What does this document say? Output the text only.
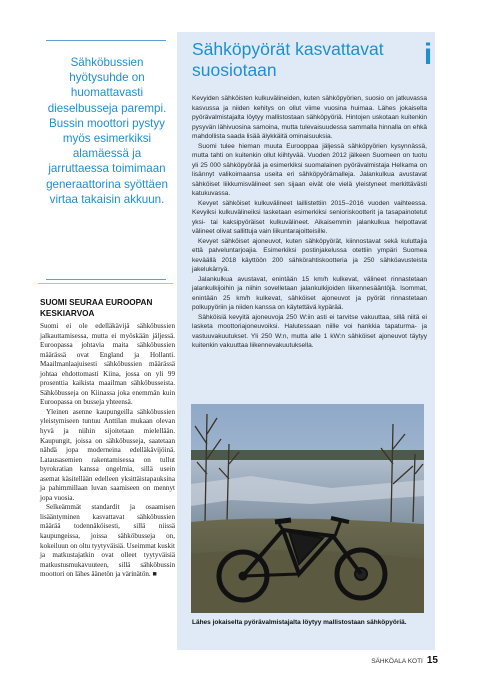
Sähköbussien hyötysuhde on huomattavasti dieselbusseja parempi. Bussin moottori pystyy myös esimerkiksi alamäessä ja jarruttaessa toimimaan generaattorina syöttäen virtaa takaisin akkuun.
SUOMI SEURAA EUROOPAN KESKIARVOA

Suomi ei ole edelläkävijä sähköbussien jalkauttamisessa, mutta ei myöskään jäljessä. Euroopassa johtavia maita sähköbussien määrässä ovat England ja Hollanti. Maailmanlaajuisesti sähköbussien määrässä johtaa ehdottomasti Kiina, jossa on yli 99 prosenttia kaikista maailman sähköbusseista. Sähköbusseja on Kiinassa joka enemmän kuin Euroopassa on busseja yhteensä.

Yleinen asenne kaupungeilla sähköbussien yleistymiseen tuntuu Anttilan mukaan olevan hyvä ja niihin sijoitetaan mielellään. Kaupungit, joissa on sähköbusseja, saatetaan nähdä jopa moderneina edelläkävijöinä. Latausasemien rakentamisessa on tullut byrokratian kanssa ongelmia, sillä usein asemat käsitellään edelleen yksittäistapauksina ja pahimmillaan luvan saamiseen on mennyt jopa vuosia.

Selkeämmät standardit ja osaamisen lisääntyminen kasvattavat sähköbussien määrää todennäköisesti, sillä niissä kaupungeissa, joissa sähköbusseja on, kokeiluun on oltu tyytyväisiä. Useimmat kuskit ja matkustajatkin ovat olleet tyytyväisiä matkustusmukavuuteen, sillä sähköbussin moottori on lähes äänetön ja värinätön. ■

i
Sähköpyörät kasvattavat suosiotaan

Kevyiden sähköisten kulkuvälineiden, kuten sähköpyörien, suosio on jatkuvassa kasvussa ja niiden kehitys on ollut viime vuosina huimaa. Lähes jokaiselta pyörävalmistajalta löytyy mallistostaan sähköpyöriä. Hintojen uskotaan kuitenkin pysyvän lähivuosina samoina, mutta tulevaisuudessa sammalla hinnalla on ehkä mahdollista saada lisää älykkäitä ominaisuuksia.

Suomi tulee hieman muuta Eurooppaa jäljessä sähköpyörien kysynnässä, mutta tahti on kuitenkin ollut kiihtyvää. Vuoden 2012 jälkeen Suomeen on tuotu yli 25 000 sähköpyörää ja esimerkiksi suomalainen pyörävalmistaja Helkama on lisännyt valikoimaansa useita eri sähköpyörämalleja. Jalankulkua avustavat sähköiset liikkumisvälineet sen sijaan eivät ole vielä yleistyneet merkittävästi katukuvassa.

Kevyet sähköiset kulkuvälineet laillistettiin 2015–2016 vuoden vaihteessa. Kevyiksi kulkuvälineiksi lasketaan esimerkiksi senioriskootterit ja tasapainotetut yksi- tai kaksipyöräiset kulkuvälineet. Aikaisemmin jalankulkua helpottavat välineet olivat sallittuja vain liikuntarajoitteisille.

Kevyet sähköiset ajoneuvot, kuten sähköpyörät, kiinnostavat sekä kuluttajia että palveluntarjoajia. Esimerkiksi postinjakelussa otettiin ympäri Suomea keväällä 2018 käyttöön 200 sähkörahtiskootteria ja 250 sähköavusteista jakelukärryä.

Jalankulkua avustavat, enintään 15 km/h kulkevat, välineet rinnastetaan jalankulkijoihin ja niihin sovelletaan jalankulkijoiden liikennesääntöjä. Isommat, enintään 25 km/h kulkevat, sähköiset ajoneuvot ja pyörät rinnastetaan polkupyöriin ja niiden kanssa on käytettävä kypärää.

Sähköisiä kevyitä ajoneuvoja 250 W:iin asti ei tarvitse vakuuttaa, sillä niitä ei lasketa moottoriajoneuvoiksi. Halutessaan niille voi hankkia tapaturma- ja vastuuvakuutukset. Yli 250 W:n, mutta alle 1 kW:n sähköiset ajoneuvot täytyy kuitenkin vakuuttaa liikennevakuutuksella.

Lähes jokaiselta pyörävalmistajalta löytyy mallistostaan sähköpyöriä.
SÄHKÖALA KOTI 15
